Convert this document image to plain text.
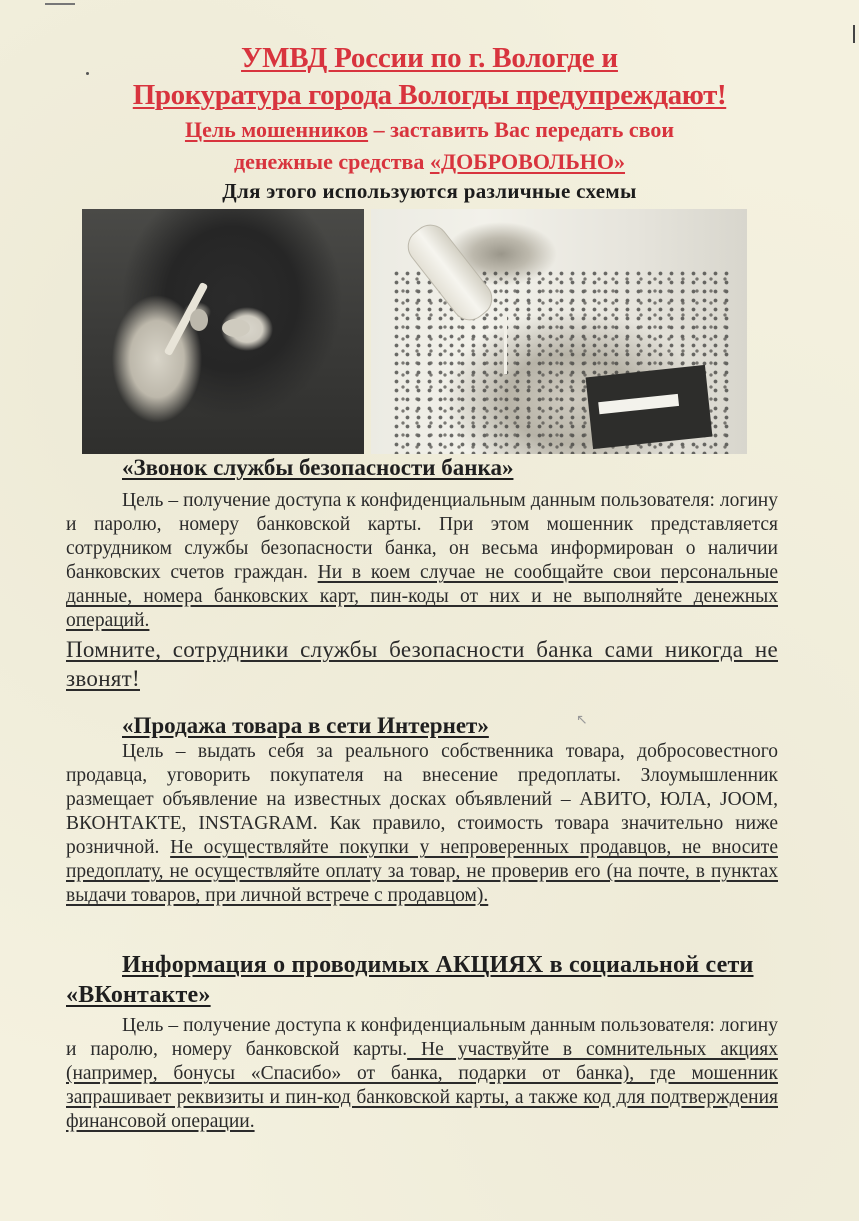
УМВД России по г. Вологде и
Прокуратура города Вологды предупреждают!
Цель мошенников – заставить Вас передать свои
денежные средства «ДОБРОВОЛЬНО»
Для этого используются различные схемы
«Звонок службы безопасности банка»

Цель – получение доступа к конфиденциальным данным пользователя: логину и паролю, номеру банковской карты. При этом мошенник представляется сотрудником службы безопасности банка, он весьма информирован о наличии банковских счетов граждан. Ни в коем случае не сообщайте свои персональные данные, номера банковских карт, пин-коды от них и не выполняйте денежных операций.

Помните, сотрудники службы безопасности банка сами никогда не звонят!

↖
«Продажа товара в сети Интернет»

Цель – выдать себя за реального собственника товара, добросовестного продавца, уговорить покупателя на внесение предоплаты. Злоумышленник размещает объявление на известных досках объявлений – АВИТО, ЮЛА, JOOM, ВКОНТАКТЕ, INSTAGRAM. Как правило, стоимость товара значительно ниже розничной. Не осуществляйте покупки у непроверенных продавцов, не вносите предоплату, не осуществляйте оплату за товар, не проверив его (на почте, в пунктах выдачи товаров, при личной встрече с продавцом).

Информация о проводимых АКЦИЯХ в социальной сети «ВКонтакте»

Цель – получение доступа к конфиденциальным данным пользователя: логину и паролю, номеру банковской карты. Не участвуйте в сомнительных акциях (например, бонусы «Спасибо» от банка, подарки от банка), где мошенник запрашивает реквизиты и пин-код банковской карты, а также код для подтверждения финансовой операции.
